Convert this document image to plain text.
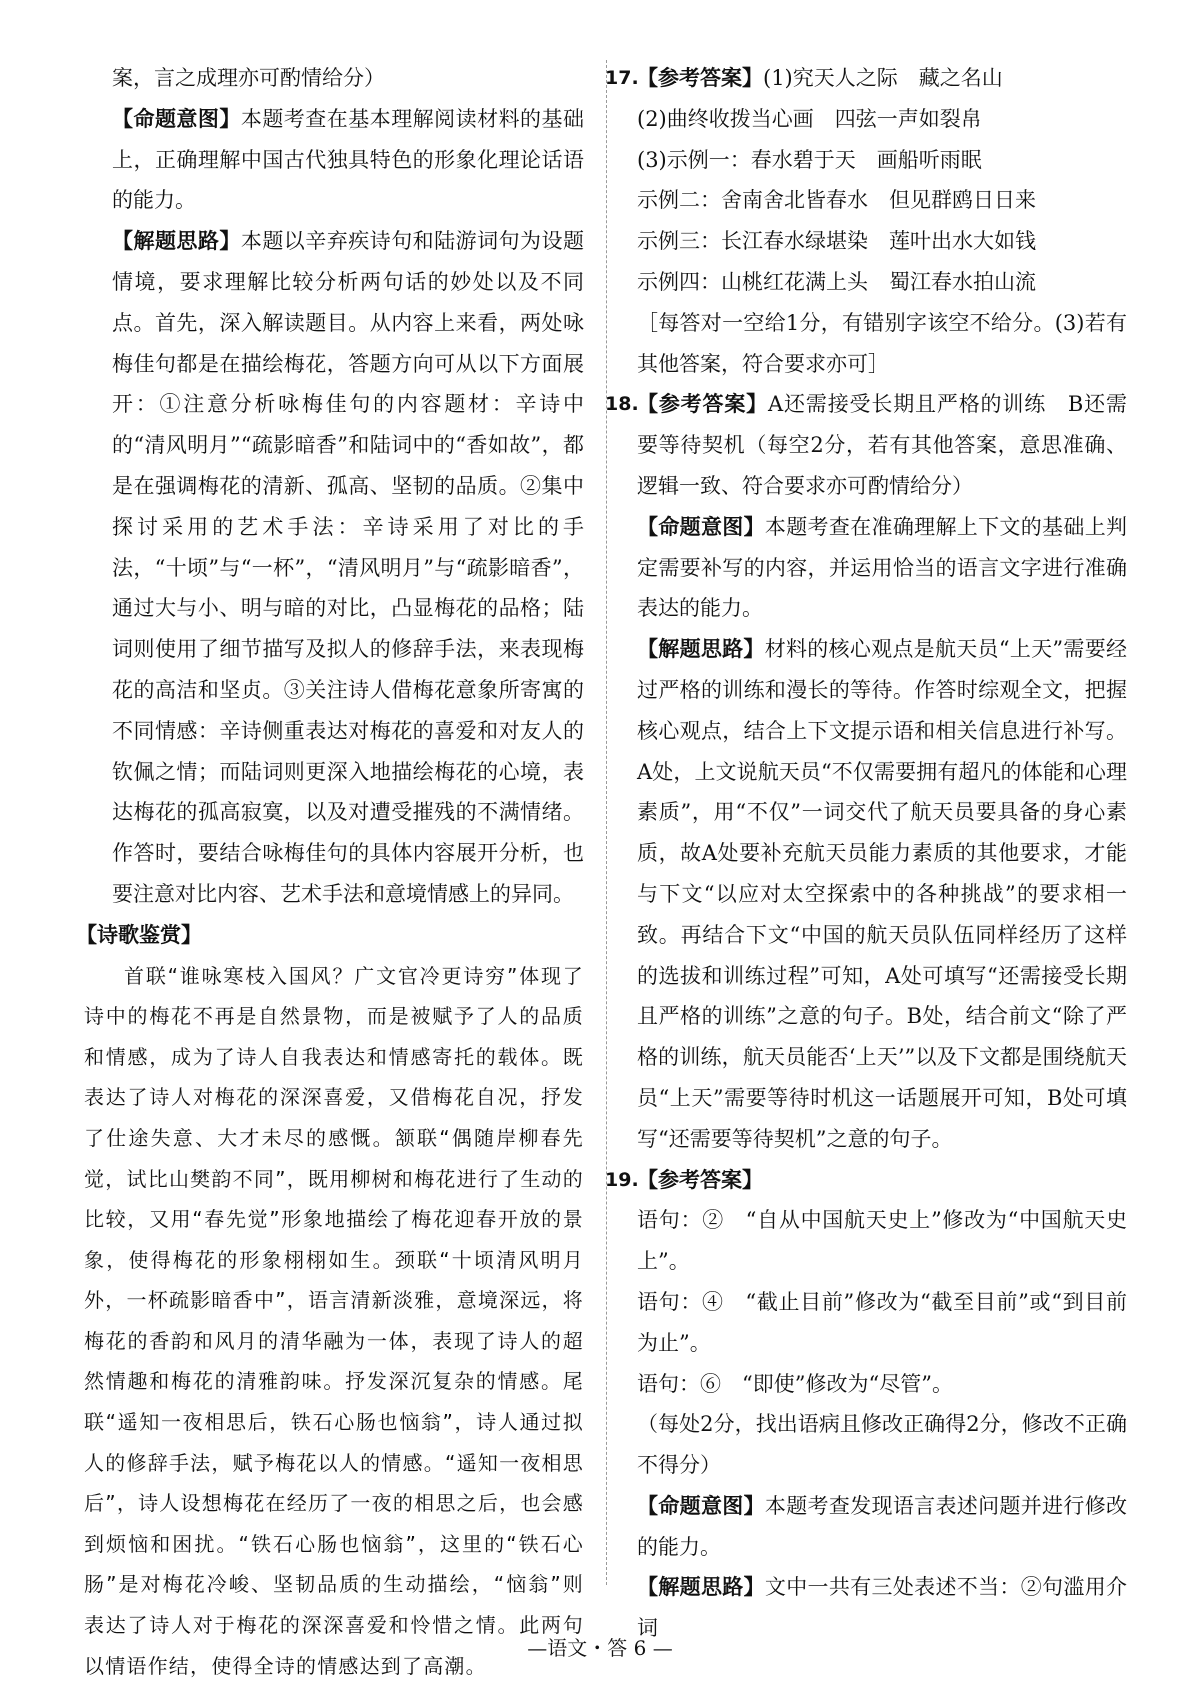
案，言之成理亦可酌情给分）

【命题意图】本题考查在基本理解阅读材料的基础上，正确理解中国古代独具特色的形象化理论话语的能力。

【解题思路】本题以辛弃疾诗句和陆游词句为设题情境，要求理解比较分析两句话的妙处以及不同点。首先，深入解读题目。从内容上来看，两处咏梅佳句都是在描绘梅花，答题方向可从以下方面展开：①注意分析咏梅佳句的内容题材：辛诗中的“清风明月”“疏影暗香”和陆词中的“香如故”，都是在强调梅花的清新、孤高、坚韧的品质。②集中探讨采用的艺术手法：辛诗采用了对比的手法，“十顷”与“一杯”，“清风明月”与“疏影暗香”，通过大与小、明与暗的对比，凸显梅花的品格；陆词则使用了细节描写及拟人的修辞手法，来表现梅花的高洁和坚贞。③关注诗人借梅花意象所寄寓的不同情感：辛诗侧重表达对梅花的喜爱和对友人的钦佩之情；而陆词则更深入地描绘梅花的心境，表达梅花的孤高寂寞，以及对遭受摧残的不满情绪。作答时，要结合咏梅佳句的具体内容展开分析，也要注意对比内容、艺术手法和意境情感上的异同。

【诗歌鉴赏】

首联“谁咏寒枝入国风？广文官冷更诗穷”体现了诗中的梅花不再是自然景物，而是被赋予了人的品质和情感，成为了诗人自我表达和情感寄托的载体。既表达了诗人对梅花的深深喜爱，又借梅花自况，抒发了仕途失意、大才未尽的感慨。颔联“偶随岸柳春先觉，试比山樊韵不同”，既用柳树和梅花进行了生动的比较，又用“春先觉”形象地描绘了梅花迎春开放的景象，使得梅花的形象栩栩如生。颈联“十顷清风明月外，一杯疏影暗香中”，语言清新淡雅，意境深远，将梅花的香韵和风月的清华融为一体，表现了诗人的超然情趣和梅花的清雅韵味。抒发深沉复杂的情感。尾联“遥知一夜相思后，铁石心肠也恼翁”，诗人通过拟人的修辞手法，赋予梅花以人的情感。“遥知一夜相思后”，诗人设想梅花在经历了一夜的相思之后，也会感到烦恼和困扰。“铁石心肠也恼翁”，这里的“铁石心肠”是对梅花冷峻、坚韧品质的生动描绘，“恼翁”则表达了诗人对于梅花的深深喜爱和怜惜之情。此两句以情语作结，使得全诗的情感达到了高潮。

17.

【参考答案】(1)究天人之际　藏之名山

(2)曲终收拨当心画　四弦一声如裂帛

(3)示例一：春水碧于天　画船听雨眠

示例二：舍南舍北皆春水　但见群鸥日日来

示例三：长江春水绿堪染　莲叶出水大如钱

示例四：山桃红花满上头　蜀江春水拍山流

［每答对一空给1分，有错别字该空不给分。(3)若有其他答案，符合要求亦可］

18.

【参考答案】A还需接受长期且严格的训练　B还需要等待契机（每空2分，若有其他答案，意思准确、逻辑一致、符合要求亦可酌情给分）

【命题意图】本题考查在准确理解上下文的基础上判定需要补写的内容，并运用恰当的语言文字进行准确表达的能力。

【解题思路】材料的核心观点是航天员“上天”需要经过严格的训练和漫长的等待。作答时综观全文，把握核心观点，结合上下文提示语和相关信息进行补写。A处，上文说航天员“不仅需要拥有超凡的体能和心理素质”，用“不仅”一词交代了航天员要具备的身心素质，故A处要补充航天员能力素质的其他要求，才能与下文“以应对太空探索中的各种挑战”的要求相一致。再结合下文“中国的航天员队伍同样经历了这样的选拔和训练过程”可知，A处可填写“还需接受长期且严格的训练”之意的句子。B处，结合前文“除了严格的训练，航天员能否‘上天’”以及下文都是围绕航天员“上天”需要等待时机这一话题展开可知，B处可填写“还需要等待契机”之意的句子。

19.

【参考答案】

语句：②　“自从中国航天史上”修改为“中国航天史上”。

语句：④　“截止目前”修改为“截至目前”或“到目前为止”。

语句：⑥　“即使”修改为“尽管”。

（每处2分，找出语病且修改正确得2分，修改不正确不得分）

【命题意图】本题考查发现语言表述问题并进行修改的能力。

【解题思路】文中一共有三处表述不当：②句滥用介词

—语文・答 6 —
